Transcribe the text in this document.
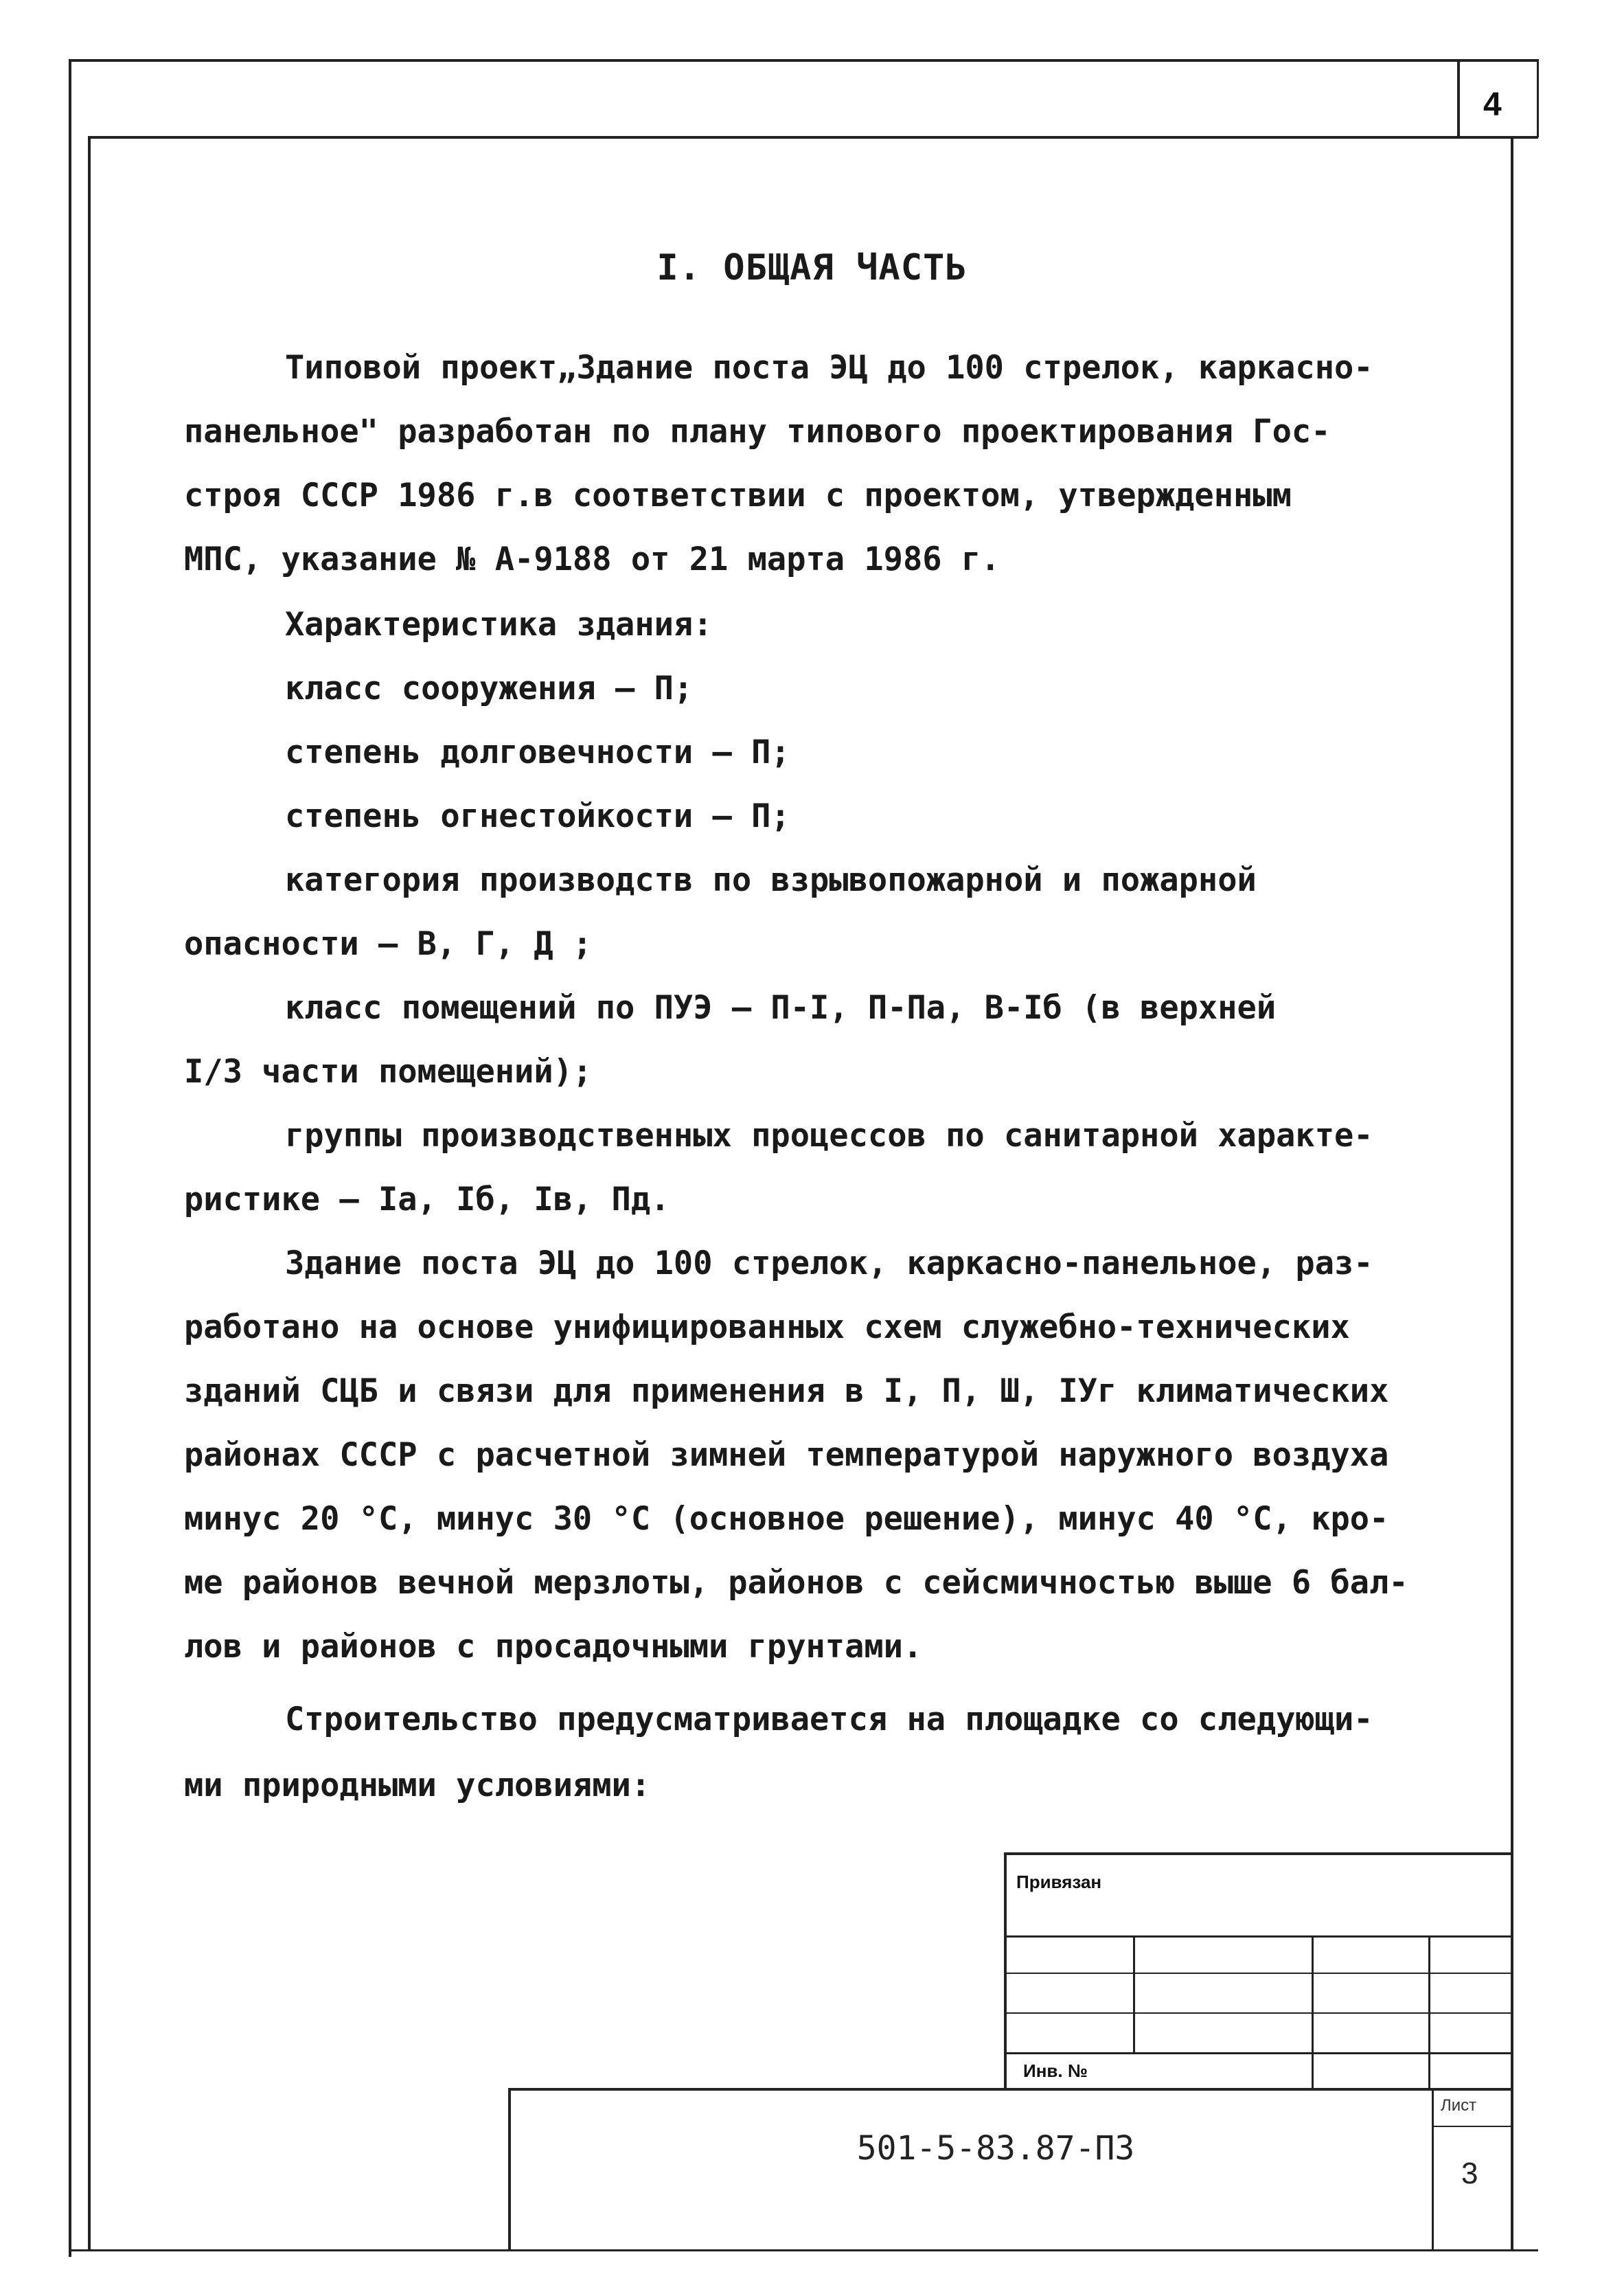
4
I. ОБЩАЯ ЧАСТЬ
Типовой проект„Здание поста ЭЦ до 100 стрелок, каркасно-
панельное" разработан по плану типового проектирования Гос-
строя СССР 1986 г.в соответствии с проектом, утвержденным
МПС, указание № А-9188 от 21 марта 1986 г.
Характеристика здания:
класс сооружения – П;
степень долговечности – П;
степень огнестойкости – П;
категория производств по взрывопожарной и пожарной
опасности – В, Г, Д ;
класс помещений по ПУЭ – П-I, П-Па, В-Iб (в верхней
I/3 части помещений);
группы производственных процессов по санитарной характе-
ристике – Iа, Iб, Iв, Пд.
Здание поста ЭЦ до 100 стрелок, каркасно-панельное, раз-
работано на основе унифицированных схем служебно-технических
зданий СЦБ и связи для применения в I, П, Ш, IУг климатических
районах СССР с расчетной зимней температурой наружного воздуха
минус 20 °С, минус 30 °С (основное решение), минус 40 °С, кро-
ме районов вечной мерзлоты, районов с сейсмичностью выше 6 бал-
лов и районов с просадочными грунтами.
Строительство предусматривается на площадке со следующи-
ми природными условиями:
Привязан
Инв. №
501-5-83.87-ПЗ
Лист
3
